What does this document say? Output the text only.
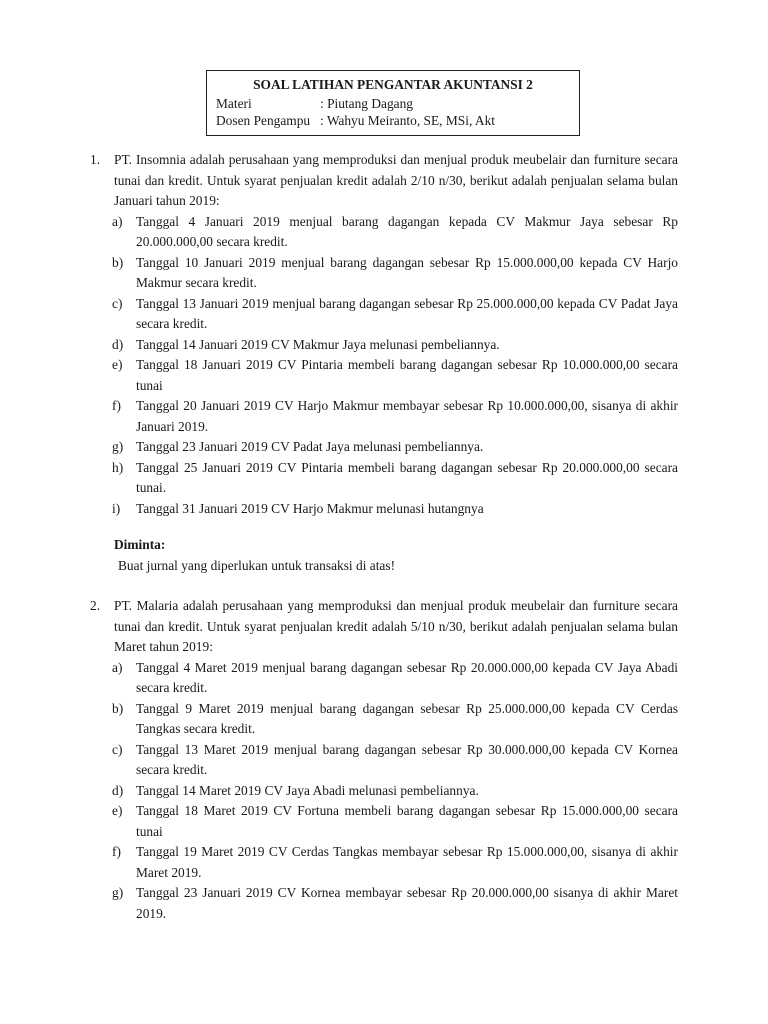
SOAL LATIHAN PENGANTAR AKUNTANSI 2
Materi	: Piutang Dagang
Dosen Pengampu : Wahyu Meiranto, SE, MSi, Akt
1. PT. Insomnia adalah perusahaan yang memproduksi dan menjual produk meubelair dan furniture secara tunai dan kredit. Untuk syarat penjualan kredit adalah 2/10 n/30, berikut adalah penjualan selama bulan Januari tahun 2019:

a) Tanggal 4 Januari 2019 menjual barang dagangan kepada CV Makmur Jaya sebesar Rp 20.000.000,00 secara kredit.
b) Tanggal 10 Januari 2019 menjual barang dagangan sebesar Rp 15.000.000,00 kepada CV Harjo Makmur secara kredit.
c) Tanggal 13 Januari 2019 menjual barang dagangan sebesar Rp 25.000.000,00 kepada CV Padat Jaya secara kredit.
d) Tanggal 14 Januari 2019 CV Makmur Jaya melunasi pembeliannya.
e) Tanggal 18 Januari 2019 CV Pintaria membeli barang dagangan sebesar Rp 10.000.000,00 secara tunai
f) Tanggal 20 Januari 2019 CV Harjo Makmur membayar sebesar Rp 10.000.000,00, sisanya di akhir Januari 2019.
g) Tanggal 23 Januari 2019 CV Padat Jaya melunasi pembeliannya.
h) Tanggal 25 Januari 2019 CV Pintaria membeli barang dagangan sebesar Rp 20.000.000,00 secara tunai.
i) Tanggal 31 Januari 2019 CV Harjo Makmur melunasi hutangnya
Diminta:
Buat jurnal yang diperlukan untuk transaksi di atas!
2. PT. Malaria adalah perusahaan yang memproduksi dan menjual produk meubelair dan furniture secara tunai dan kredit. Untuk syarat penjualan kredit adalah 5/10 n/30, berikut adalah penjualan selama bulan Maret tahun 2019:

a) Tanggal 4 Maret 2019 menjual barang dagangan sebesar Rp 20.000.000,00 kepada CV Jaya Abadi secara kredit.
b) Tanggal 9 Maret 2019 menjual barang dagangan sebesar Rp 25.000.000,00 kepada CV Cerdas Tangkas secara kredit.
c) Tanggal 13 Maret 2019 menjual barang dagangan sebesar Rp 30.000.000,00 kepada CV Kornea secara kredit.
d) Tanggal 14 Maret 2019 CV Jaya Abadi melunasi pembeliannya.
e) Tanggal 18 Maret 2019 CV Fortuna membeli barang dagangan sebesar Rp 15.000.000,00 secara tunai
f) Tanggal 19 Maret 2019 CV Cerdas Tangkas membayar sebesar Rp 15.000.000,00, sisanya di akhir Maret 2019.
g) Tanggal 23 Januari 2019 CV Kornea membayar sebesar Rp 20.000.000,00 sisanya di akhir Maret 2019.
